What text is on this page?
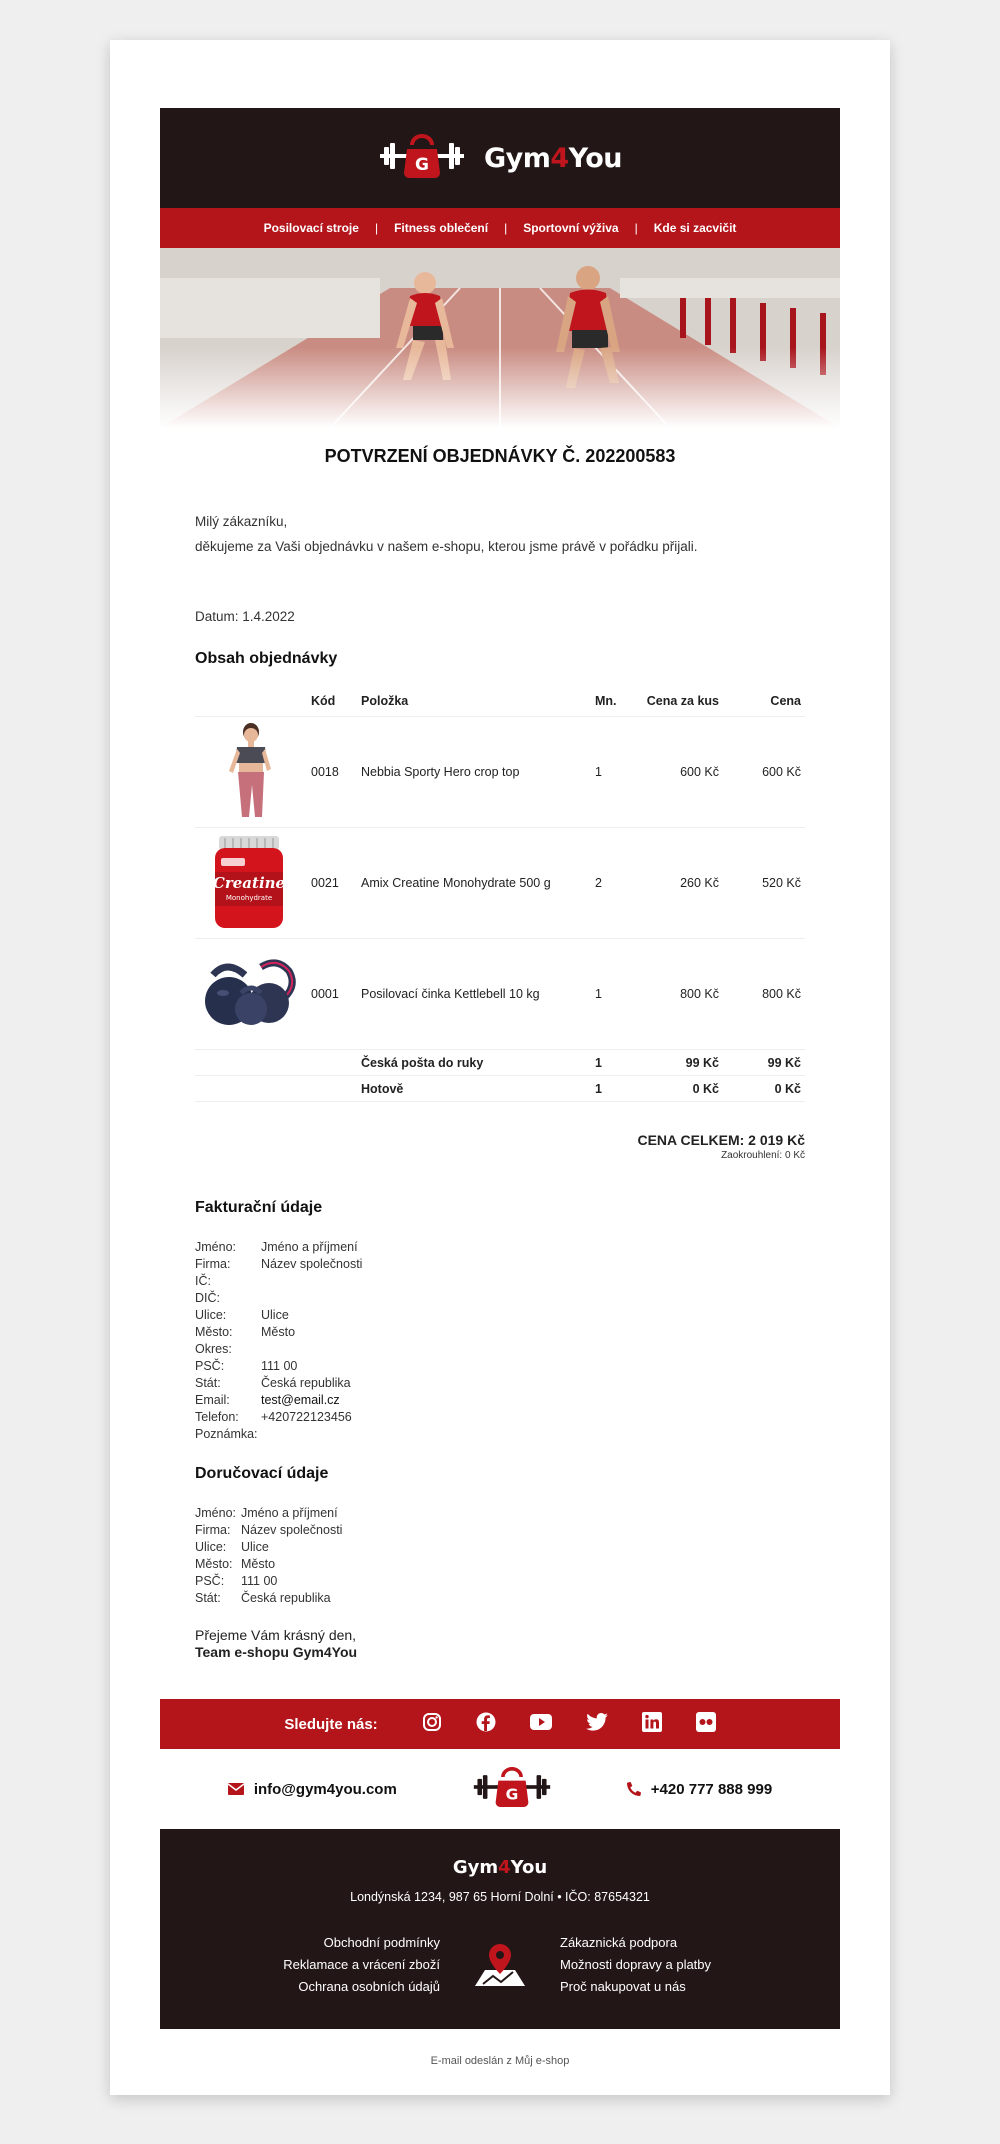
G Gym4You
Posilovací stroje | Fitness oblečení | Sportovní výživa | Kde si zacvičit
POTVRZENÍ OBJEDNÁVKY Č. 202200583
Milý zákazníku,
děkujeme za Vaši objednávku v našem e-shopu, kterou jsme právě v pořádku přijali.
Datum: 1.4.2022
Obsah objednávky
	Kód	Položka	Mn.	Cena za kus	Cena
	0018	Nebbia Sporty Hero crop top	1	600 Kč	600 Kč

Creatine
Monohydrate	0021	Amix Creatine Monohydrate 500 g	2	260 Kč	520 Kč
	0001	Posilovací činka Kettlebell 10 kg	1	800 Kč	800 Kč
		Česká pošta do ruky	1	99 Kč	99 Kč
		Hotově	1	0 Kč	0 Kč
CENA CELKEM: 2 019 Kč
Zaokrouhlení: 0 Kč
Fakturační údaje
Jméno:	Jméno a příjmení
Firma:	Název společnosti
IČ:
DIČ:
Ulice:	Ulice
Město:	Město
Okres:
PSČ:	111 00
Stát:	Česká republika
Email:	test@email.cz
Telefon:	+420722123456
Poznámka:
Doručovací údaje
Jméno: Jméno a příjmení
Firma: Název společnosti
Ulice:	Ulice
Město: Město
PSČ:	111 00
Stát:	Česká republika
Přejeme Vám krásný den,
Team e-shopu Gym4You
Sledujte nás:
info@gym4you.com	G	+420 777 888 999
Gym4You
Londýnská 1234, 987 65 Horní Dolní • IČO: 87654321
Obchodní podmínky
Reklamace a vrácení zboží
Ochrana osobních údajů
Zákaznická podpora
Možnosti dopravy a platby
Proč nakupovat u nás
E-mail odeslán z Můj e-shop
